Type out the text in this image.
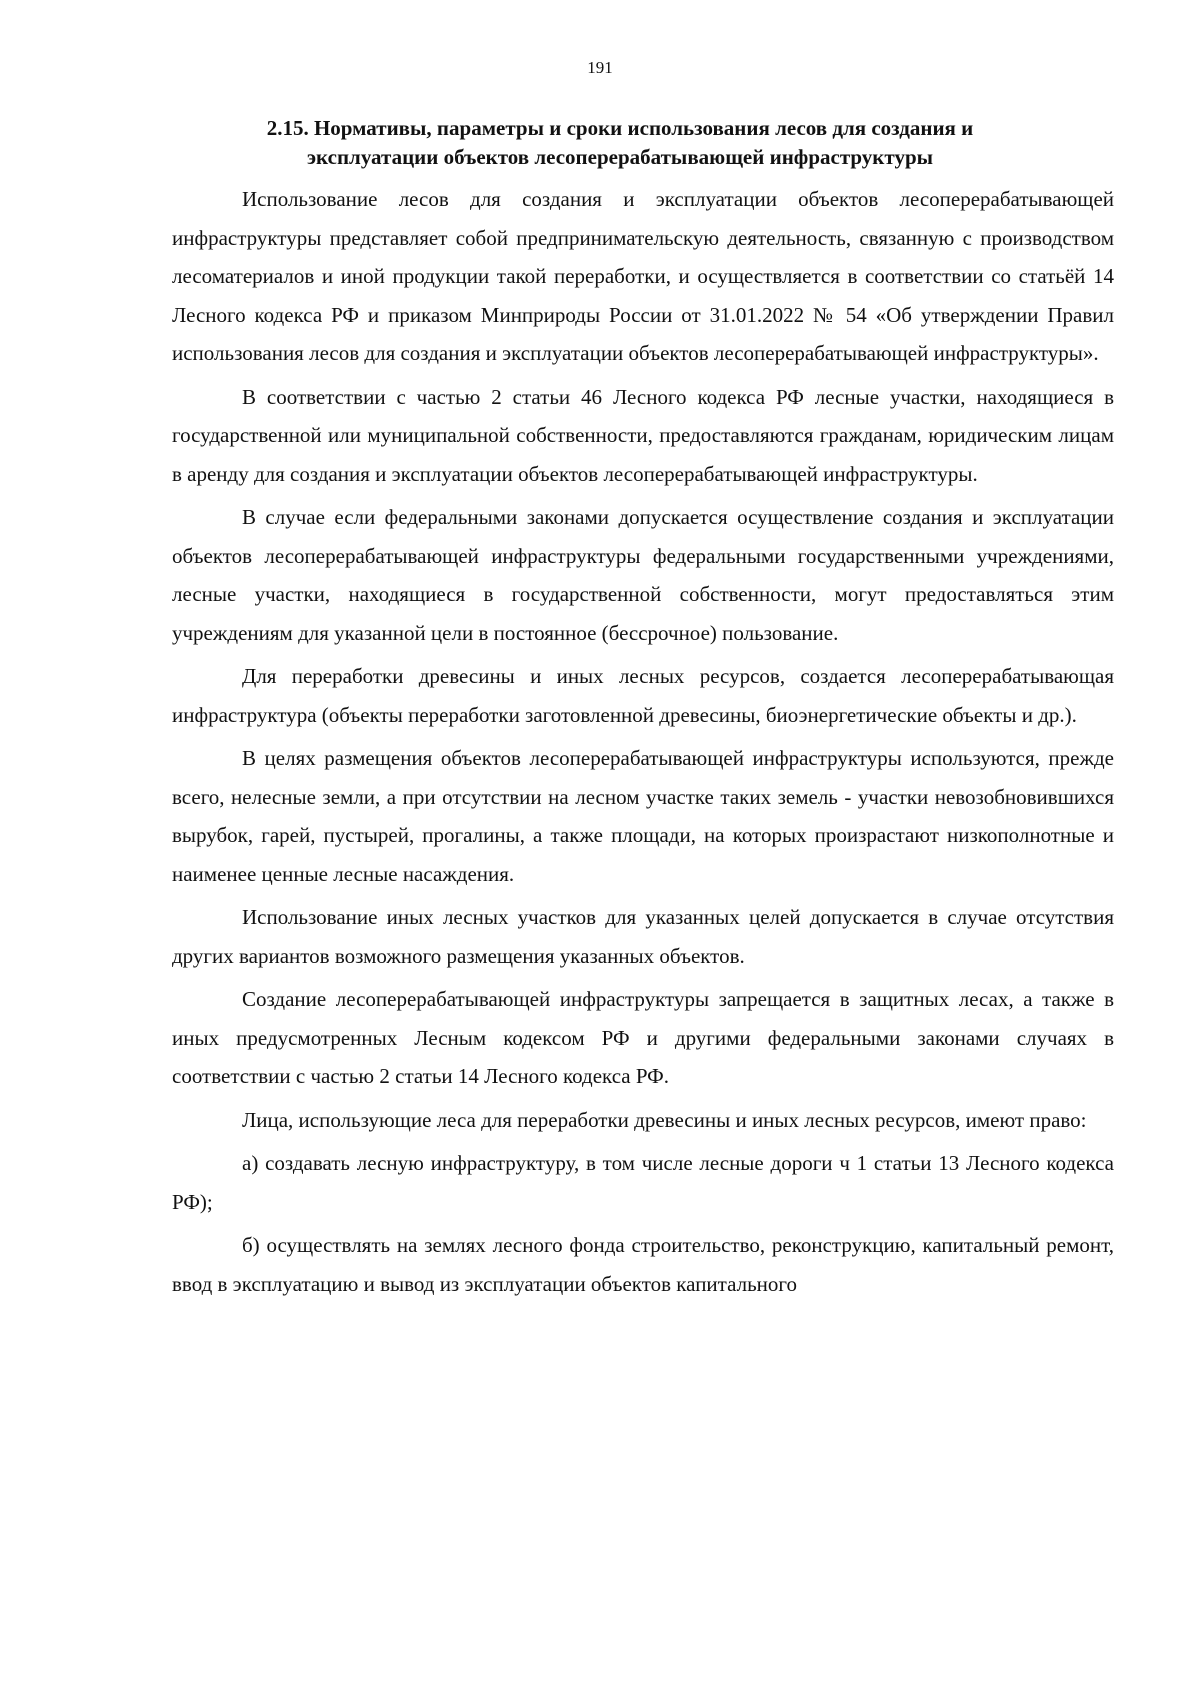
191
2.15. Нормативы, параметры и сроки использования лесов для создания и
эксплуатации объектов лесоперерабатывающей инфраструктуры

Использование лесов для создания и эксплуатации объектов лесоперерабатывающей инфраструктуры представляет собой предпринимательскую деятельность, связанную с производством лесоматериалов и иной продукции такой переработки, и осуществляется в соответствии со статьёй 14 Лесного кодекса РФ и приказом Минприроды России от 31.01.2022 № 54 «Об утверждении Правил использования лесов для создания и эксплуатации объектов лесоперерабатывающей инфраструктуры».

В соответствии с частью 2 статьи 46 Лесного кодекса РФ лесные участки, находящиеся в государственной или муниципальной собственности, предоставляются гражданам, юридическим лицам в аренду для создания и эксплуатации объектов лесоперерабатывающей инфраструктуры.

В случае если федеральными законами допускается осуществление создания и эксплуатации объектов лесоперерабатывающей инфраструктуры федеральными государственными учреждениями, лесные участки, находящиеся в государственной собственности, могут предоставляться этим учреждениям для указанной цели в постоянное (бессрочное) пользование.

Для переработки древесины и иных лесных ресурсов, создается лесоперерабатывающая инфраструктура (объекты переработки заготовленной древесины, биоэнергетические объекты и др.).

В целях размещения объектов лесоперерабатывающей инфраструктуры используются, прежде всего, нелесные земли, а при отсутствии на лесном участке таких земель - участки невозобновившихся вырубок, гарей, пустырей, прогалины, а также площади, на которых произрастают низкополнотные и наименее ценные лесные насаждения.

Использование иных лесных участков для указанных целей допускается в случае отсутствия других вариантов возможного размещения указанных объектов.

Создание лесоперерабатывающей инфраструктуры запрещается в защитных лесах, а также в иных предусмотренных Лесным кодексом РФ и другими федеральными законами случаях в соответствии с частью 2 статьи 14 Лесного кодекса РФ.

Лица, использующие леса для переработки древесины и иных лесных ресурсов, имеют право:

а) создавать лесную инфраструктуру, в том числе лесные дороги ч 1 статьи 13 Лесного кодекса РФ);

б) осуществлять на землях лесного фонда строительство, реконструкцию, капитальный ремонт, ввод в эксплуатацию и вывод из эксплуатации объектов капитального
